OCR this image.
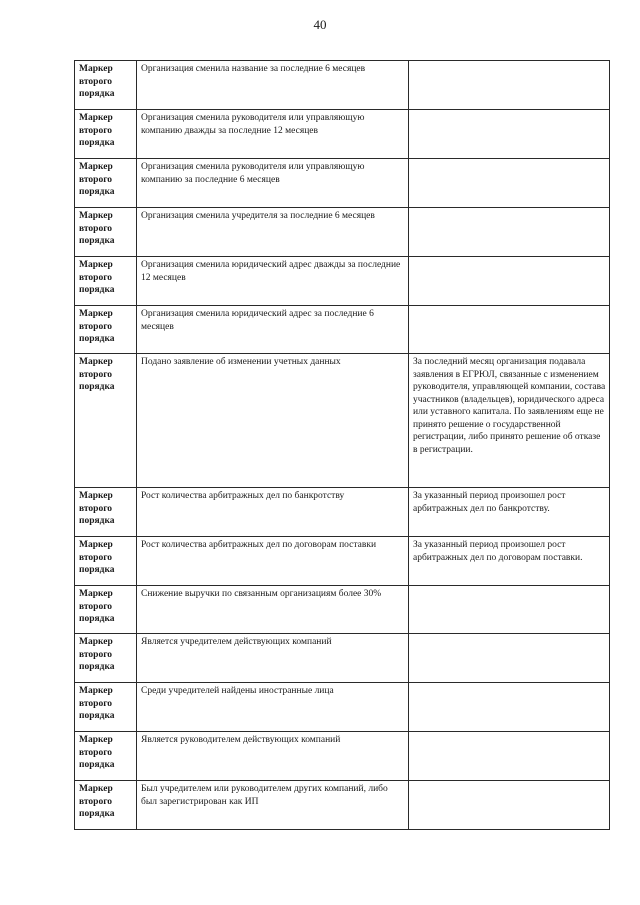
40
Маркер второго порядка	Организация сменила название за последние 6 месяцев	
Маркер второго порядка	Организация сменила руководителя или управляющую компанию дважды за последние 12 месяцев	
Маркер второго порядка	Организация сменила руководителя или управляющую компанию за последние 6 месяцев	
Маркер второго порядка	Организация сменила учредителя за последние 6 месяцев	
Маркер второго порядка	Организация сменила юридический адрес дважды за последние 12 месяцев	
Маркер второго порядка	Организация сменила юридический адрес за последние 6 месяцев	
Маркер второго порядка	Подано заявление об изменении учетных данных	За последний месяц организация подавала заявления в ЕГРЮЛ, связанные с изменением руководителя, управляющей компании, состава участников (владельцев), юридического адреса или уставного капитала. По заявлениям еще не принято решение о государственной регистрации, либо принято решение об отказе в регистрации.
Маркер второго порядка	Рост количества арбитражных дел по банкротству	За указанный период произошел рост арбитражных дел по банкротству.
Маркер второго порядка	Рост количества арбитражных дел по договорам поставки	За указанный период произошел рост арбитражных дел по договорам поставки.
Маркер второго порядка	Снижение выручки по связанным организациям более 30%	
Маркер второго порядка	Является учредителем действующих компаний	
Маркер второго порядка	Среди учредителей найдены иностранные лица	
Маркер второго порядка	Является руководителем действующих компаний	
Маркер второго порядка	Был учредителем или руководителем других компаний, либо был зарегистрирован как ИП	
